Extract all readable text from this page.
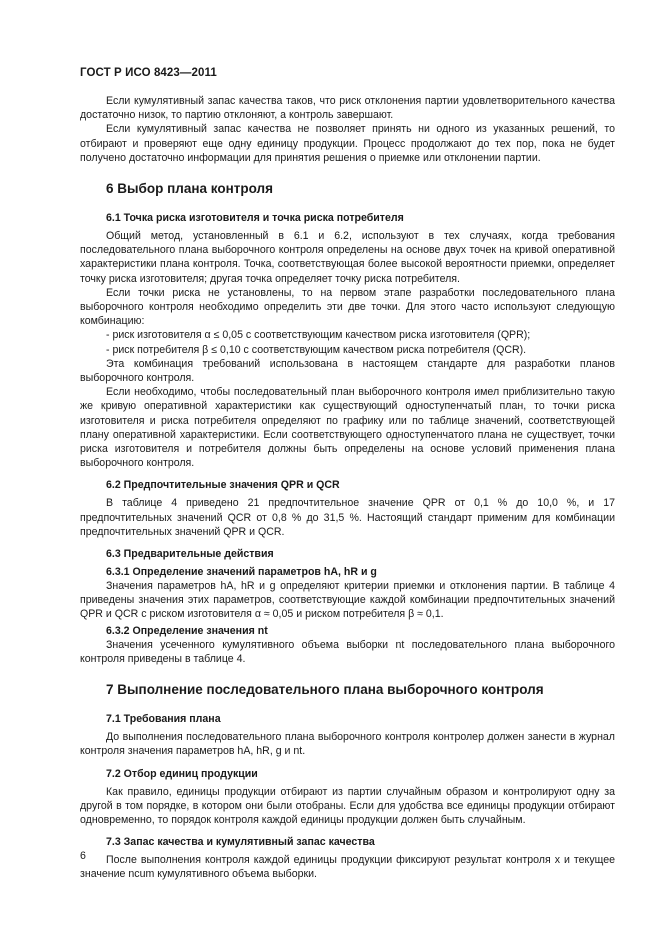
ГОСТ Р ИСО 8423—2011

Если кумулятивный запас качества таков, что риск отклонения партии удовлетворительного качества достаточно низок, то партию отклоняют, а контроль завершают.

Если кумулятивный запас качества не позволяет принять ни одного из указанных решений, то отбирают и проверяют еще одну единицу продукции. Процесс продолжают до тех пор, пока не будет получено достаточно информации для принятия решения о приемке или отклонении партии.

6 Выбор плана контроля
6.1 Точка риска изготовителя и точка риска потребителя

Общий метод, установленный в 6.1 и 6.2, используют в тех случаях, когда требования последовательного плана выборочного контроля определены на основе двух точек на кривой оперативной характеристики плана контроля. Точка, соответствующая более высокой вероятности приемки, определяет точку риска изготовителя; другая точка определяет точку риска потребителя.

Если точки риска не установлены, то на первом этапе разработки последовательного плана выборочного контроля необходимо определить эти две точки. Для этого часто используют следующую комбинацию:

- риск изготовителя α ≤ 0,05 с соответствующим качеством риска изготовителя (QPR);

- риск потребителя β ≤ 0,10 с соответствующим качеством риска потребителя (QCR).

Эта комбинация требований использована в настоящем стандарте для разработки планов выборочного контроля.

Если необходимо, чтобы последовательный план выборочного контроля имел приблизительно такую же кривую оперативной характеристики как существующий одноступенчатый план, то точки риска изготовителя и риска потребителя определяют по графику или по таблице значений, соответствующей плану оперативной характеристики. Если соответствующего одноступенчатого плана не существует, точки риска изготовителя и потребителя должны быть определены на основе условий применения плана выборочного контроля.

6.2 Предпочтительные значения QPR и QCR

В таблице 4 приведено 21 предпочтительное значение QPR от 0,1 % до 10,0 %, и 17 предпочтительных значений QCR от 0,8 % до 31,5 %. Настоящий стандарт применим для комбинации предпочтительных значений QPR и QCR.

6.3 Предварительные действия
6.3.1 Определение значений параметров hA, hR и g

Значения параметров hA, hR и g определяют критерии приемки и отклонения партии. В таблице 4 приведены значения этих параметров, соответствующие каждой комбинации предпочтительных значений QPR и QCR с риском изготовителя α ≈ 0,05 и риском потребителя β ≈ 0,1.

6.3.2 Определение значения nt

Значения усеченного кумулятивного объема выборки nt последовательного плана выборочного контроля приведены в таблице 4.

7 Выполнение последовательного плана выборочного контроля
7.1 Требования плана

До выполнения последовательного плана выборочного контроля контролер должен занести в журнал контроля значения параметров hA, hR, g и nt.

7.2 Отбор единиц продукции

Как правило, единицы продукции отбирают из партии случайным образом и контролируют одну за другой в том порядке, в котором они были отобраны. Если для удобства все единицы продукции отбирают одновременно, то порядок контроля каждой единицы продукции должен быть случайным.

7.3 Запас качества и кумулятивный запас качества

После выполнения контроля каждой единицы продукции фиксируют результат контроля x и текущее значение ncum кумулятивного объема выборки.

6
